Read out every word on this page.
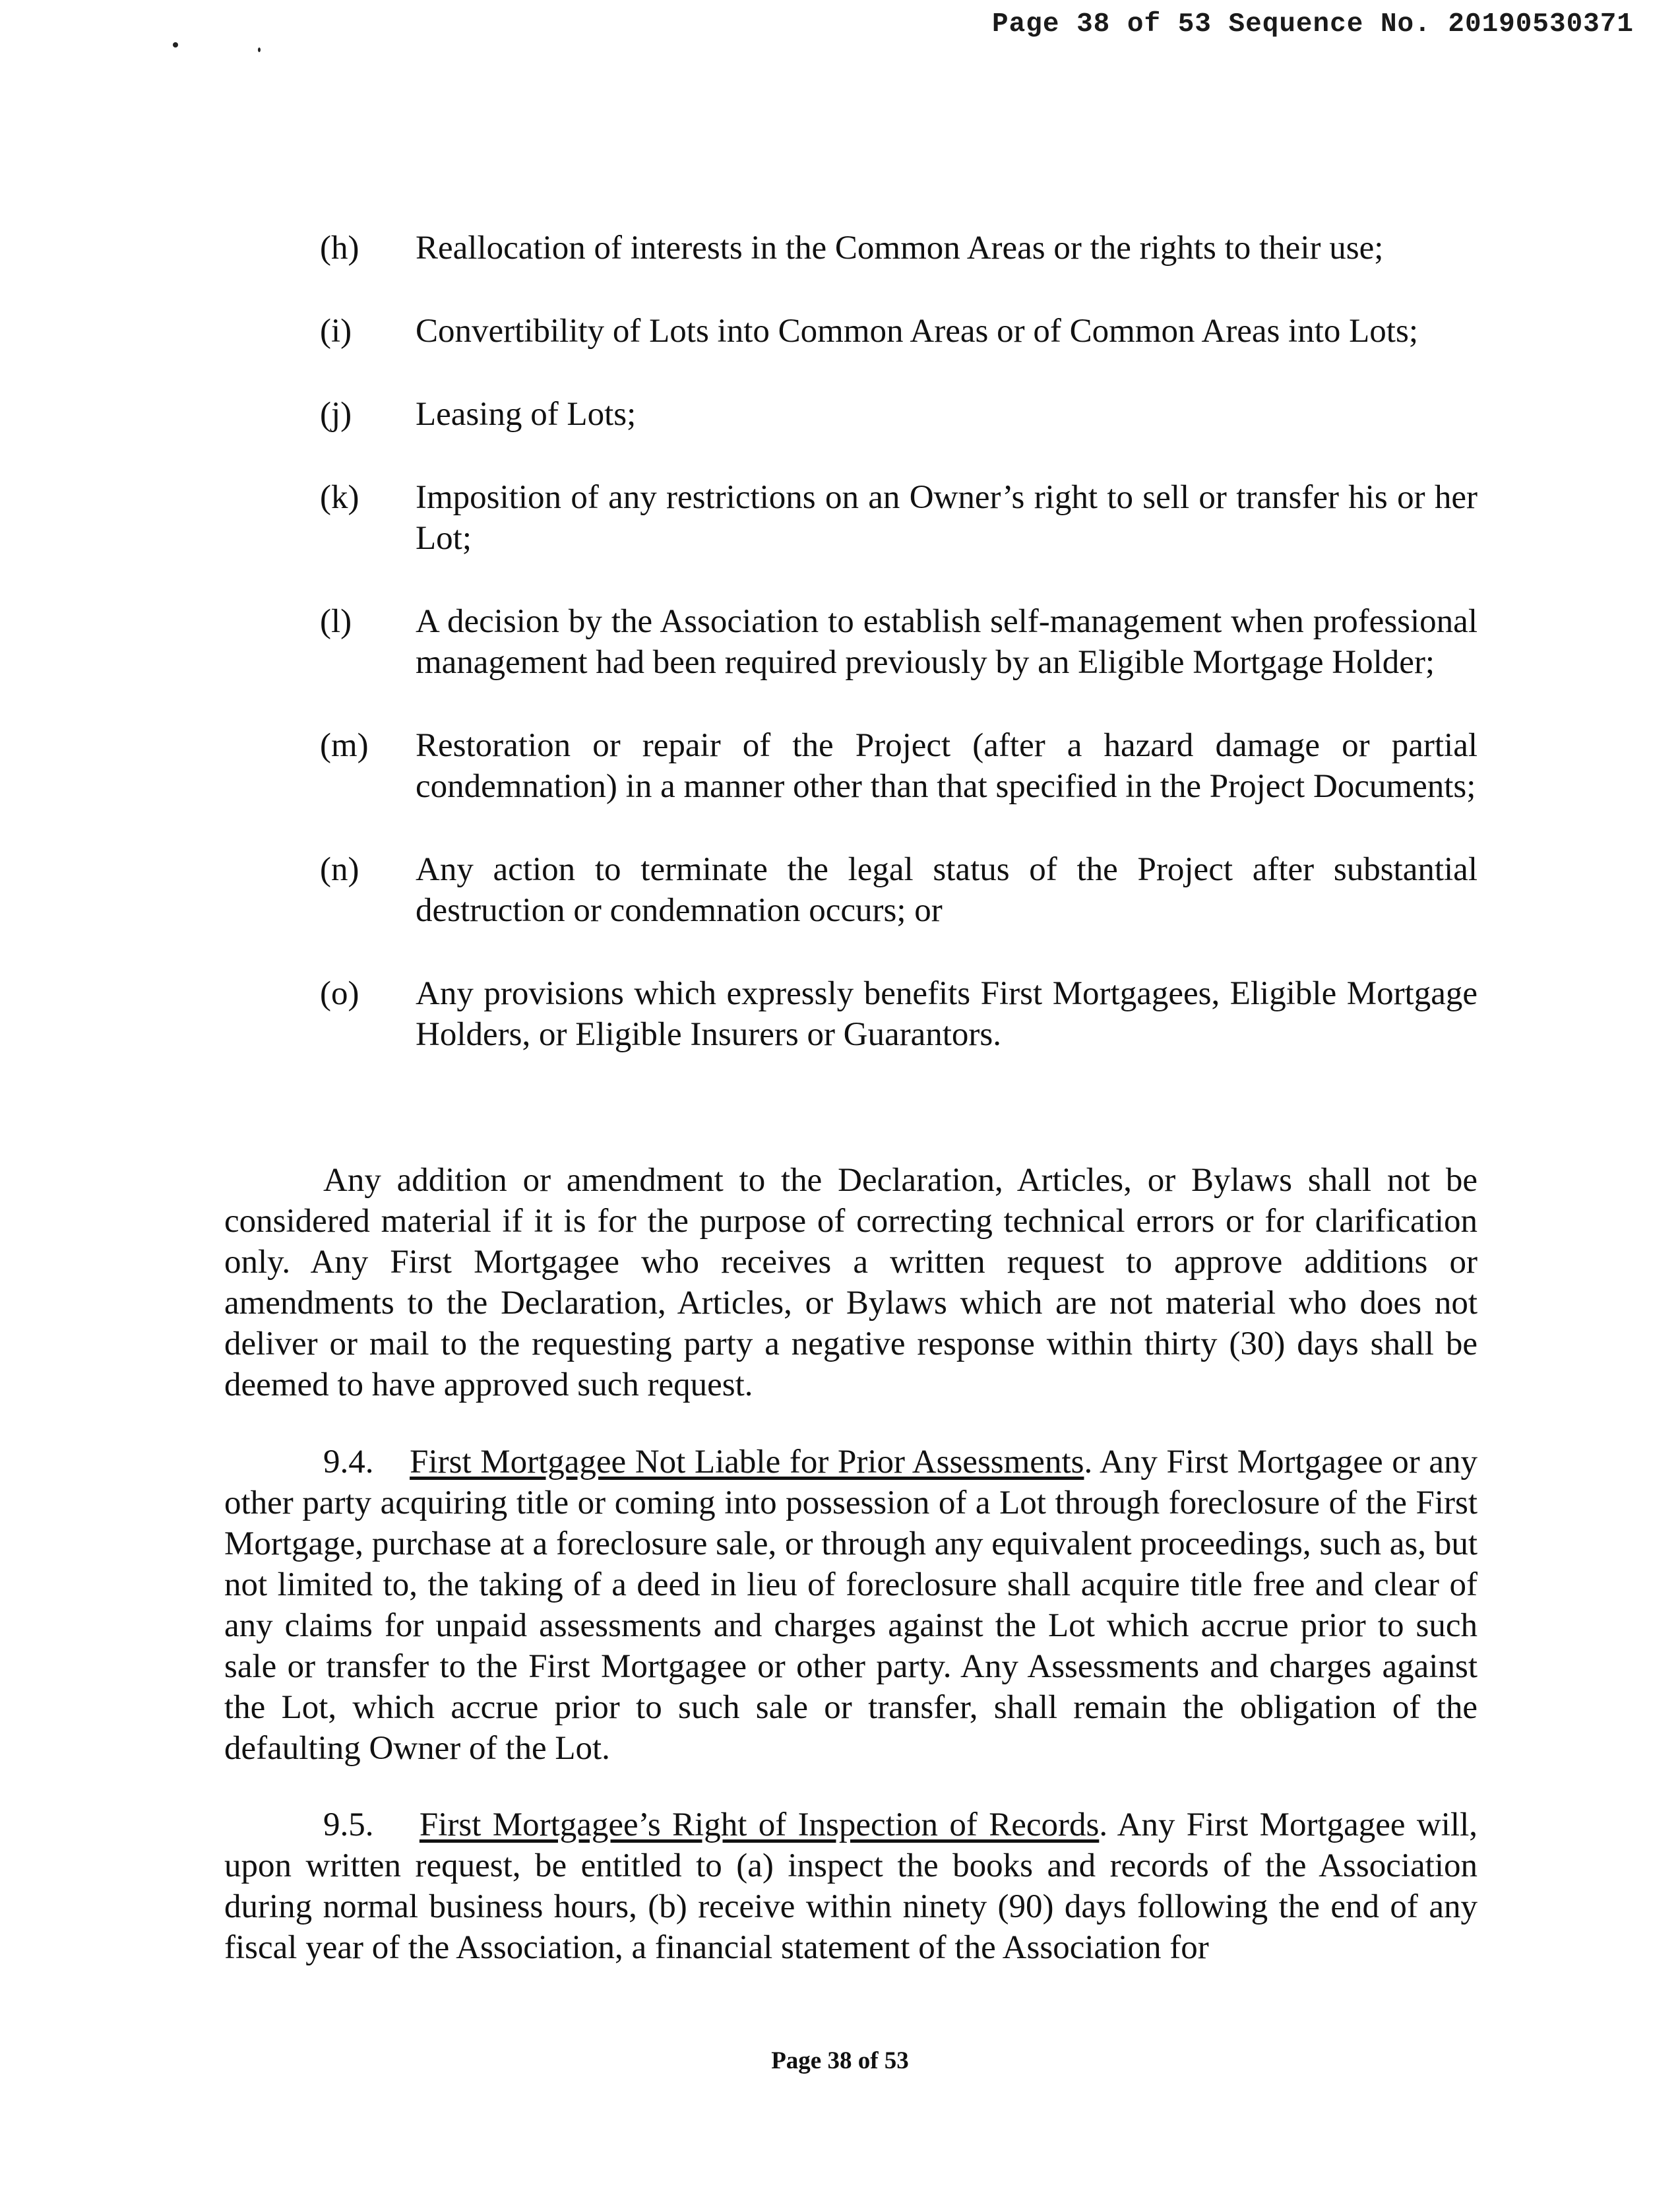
Page 38 of 53 Sequence No. 20190530371
(h) Reallocation of interests in the Common Areas or the rights to their use;
(i) Convertibility of Lots into Common Areas or of Common Areas into Lots;
(j) Leasing of Lots;
(k) Imposition of any restrictions on an Owner’s right to sell or transfer his or her Lot;
(l) A decision by the Association to establish self-management when professional management had been required previously by an Eligible Mortgage Holder;
(m) Restoration or repair of the Project (after a hazard damage or partial condemnation) in a manner other than that specified in the Project Documents;
(n) Any action to terminate the legal status of the Project after substantial destruction or condemnation occurs; or
(o) Any provisions which expressly benefits First Mortgagees, Eligible Mortgage Holders, or Eligible Insurers or Guarantors.

Any addition or amendment to the Declaration, Articles, or Bylaws shall not be considered material if it is for the purpose of correcting technical errors or for clarification only. Any First Mortgagee who receives a written request to approve additions or amendments to the Declaration, Articles, or Bylaws which are not material who does not deliver or mail to the requesting party a negative response within thirty (30) days shall be deemed to have approved such request.

9.4. First Mortgagee Not Liable for Prior Assessments. Any First Mortgagee or any other party acquiring title or coming into possession of a Lot through foreclosure of the First Mortgage, purchase at a foreclosure sale, or through any equivalent proceedings, such as, but not limited to, the taking of a deed in lieu of foreclosure shall acquire title free and clear of any claims for unpaid assessments and charges against the Lot which accrue prior to such sale or transfer to the First Mortgagee or other party. Any Assessments and charges against the Lot, which accrue prior to such sale or transfer, shall remain the obligation of the defaulting Owner of the Lot.

9.5. First Mortgagee’s Right of Inspection of Records. Any First Mortgagee will, upon written request, be entitled to (a) inspect the books and records of the Association during normal business hours, (b) receive within ninety (90) days following the end of any fiscal year of the Association, a financial statement of the Association for

Page 38 of 53
